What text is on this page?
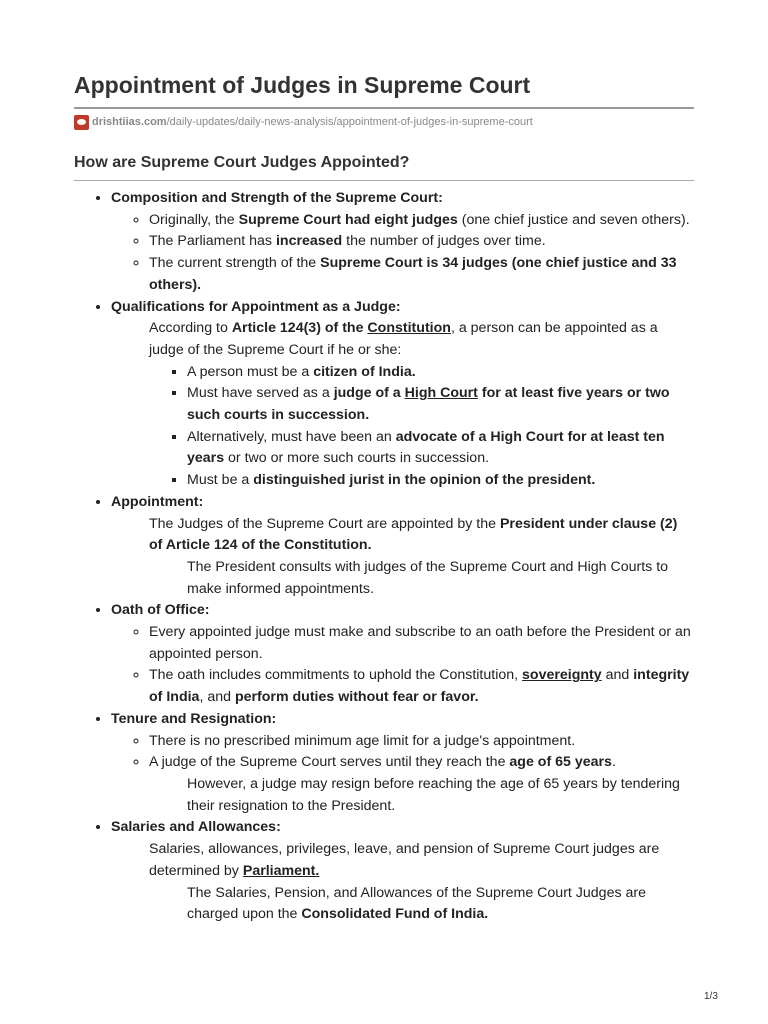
Appointment of Judges in Supreme Court
drishtiias.com/daily-updates/daily-news-analysis/appointment-of-judges-in-supreme-court
How are Supreme Court Judges Appointed?
• Composition and Strength of the Supreme Court:
◦ Originally, the Supreme Court had eight judges (one chief justice and seven others).
◦ The Parliament has increased the number of judges over time.
◦ The current strength of the Supreme Court is 34 judges (one chief justice and 33 others).
• Qualifications for Appointment as a Judge:
According to Article 124(3) of the Constitution, a person can be appointed as a judge of the Supreme Court if he or she:
▪ A person must be a citizen of India.
▪ Must have served as a judge of a High Court for at least five years or two such courts in succession.
▪ Alternatively, must have been an advocate of a High Court for at least ten years or two or more such courts in succession.
▪ Must be a distinguished jurist in the opinion of the president.
• Appointment:
The Judges of the Supreme Court are appointed by the President under clause (2) of Article 124 of the Constitution.
The President consults with judges of the Supreme Court and High Courts to make informed appointments.
• Oath of Office:
◦ Every appointed judge must make and subscribe to an oath before the President or an appointed person.
◦ The oath includes commitments to uphold the Constitution, sovereignty and integrity of India, and perform duties without fear or favor.
• Tenure and Resignation:
◦ There is no prescribed minimum age limit for a judge's appointment.
◦ A judge of the Supreme Court serves until they reach the age of 65 years.
However, a judge may resign before reaching the age of 65 years by tendering their resignation to the President.
• Salaries and Allowances:
Salaries, allowances, privileges, leave, and pension of Supreme Court judges are determined by Parliament.
The Salaries, Pension, and Allowances of the Supreme Court Judges are charged upon the Consolidated Fund of India.
1/3
